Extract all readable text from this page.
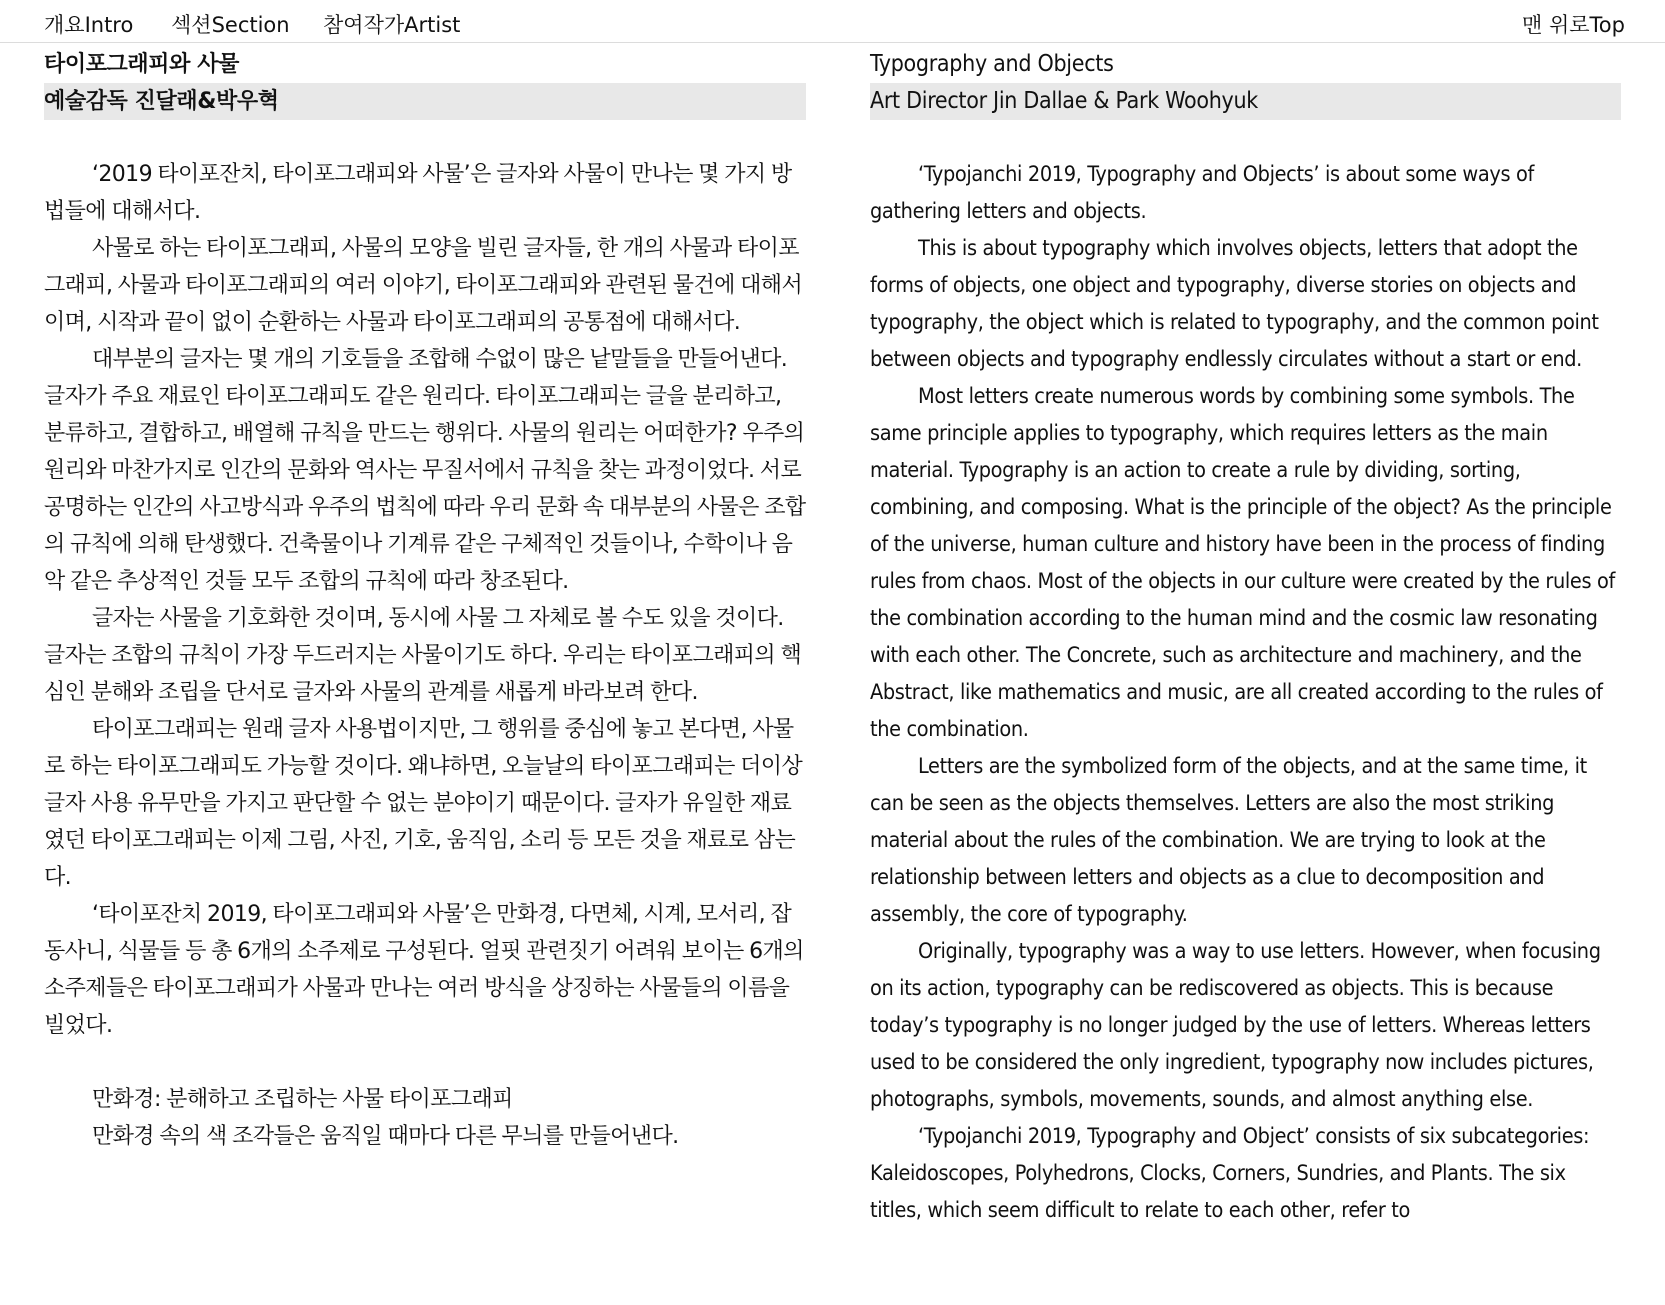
개요Intro 섹션Section 참여작가Artist	맨 위로Top
타이포그래피와 사물
예술감독 진달래&박우혁

‘2019 타이포잔치, 타이포그래피와 사물’은 글자와 사물이 만나는 몇 가지 방법들에 대해서다.

사물로 하는 타이포그래피, 사물의 모양을 빌린 글자들, 한 개의 사물과 타이포그래피, 사물과 타이포그래피의 여러 이야기, 타이포그래피와 관련된 물건에 대해서이며, 시작과 끝이 없이 순환하는 사물과 타이포그래피의 공통점에 대해서다.

대부분의 글자는 몇 개의 기호들을 조합해 수없이 많은 낱말들을 만들어낸다. 글자가 주요 재료인 타이포그래피도 같은 원리다. 타이포그래피는 글을 분리하고, 분류하고, 결합하고, 배열해 규칙을 만드는 행위다. 사물의 원리는 어떠한가? 우주의 원리와 마찬가지로 인간의 문화와 역사는 무질서에서 규칙을 찾는 과정이었다. 서로 공명하는 인간의 사고방식과 우주의 법칙에 따라 우리 문화 속 대부분의 사물은 조합의 규칙에 의해 탄생했다. 건축물이나 기계류 같은 구체적인 것들이나, 수학이나 음악 같은 추상적인 것들 모두 조합의 규칙에 따라 창조된다.

글자는 사물을 기호화한 것이며, 동시에 사물 그 자체로 볼 수도 있을 것이다. 글자는 조합의 규칙이 가장 두드러지는 사물이기도 하다. 우리는 타이포그래피의 핵심인 분해와 조립을 단서로 글자와 사물의 관계를 새롭게 바라보려 한다.

타이포그래피는 원래 글자 사용법이지만, 그 행위를 중심에 놓고 본다면, 사물로 하는 타이포그래피도 가능할 것이다. 왜냐하면, 오늘날의 타이포그래피는 더이상 글자 사용 유무만을 가지고 판단할 수 없는 분야이기 때문이다. 글자가 유일한 재료였던 타이포그래피는 이제 그림, 사진, 기호, 움직임, 소리 등 모든 것을 재료로 삼는다.

‘타이포잔치 2019, 타이포그래피와 사물’은 만화경, 다면체, 시계, 모서리, 잡동사니, 식물들 등 총 6개의 소주제로 구성된다. 얼핏 관련짓기 어려워 보이는 6개의 소주제들은 타이포그래피가 사물과 만나는 여러 방식을 상징하는 사물들의 이름을 빌었다.

만화경: 분해하고 조립하는 사물 타이포그래피

만화경 속의 색 조각들은 움직일 때마다 다른 무늬를 만들어낸다.

Typography and Objects
Art Director Jin Dallae & Park Woohyuk

‘Typojanchi 2019, Typography and Objects’ is about some ways of gathering letters and objects.

This is about typography which involves objects, letters that adopt the forms of objects, one object and typography, diverse stories on objects and typography, the object which is related to typography, and the common point between objects and typography endlessly circulates without a start or end.

Most letters create numerous words by combining some symbols. The same principle applies to typography, which requires letters as the main material. Typography is an action to create a rule by dividing, sorting, combining, and composing. What is the principle of the object? As the principle of the universe, human culture and history have been in the process of finding rules from chaos. Most of the objects in our culture were created by the rules of the combination according to the human mind and the cosmic law resonating with each other. The Concrete, such as architecture and machinery, and the Abstract, like mathematics and music, are all created according to the rules of the combination.

Letters are the symbolized form of the objects, and at the same time, it can be seen as the objects themselves. Letters are also the most striking material about the rules of the combination. We are trying to look at the relationship between letters and objects as a clue to decomposition and assembly, the core of typography.

Originally, typography was a way to use letters. However, when focusing on its action, typography can be rediscovered as objects. This is because today’s typography is no longer judged by the use of letters. Whereas letters used to be considered the only ingredient, typography now includes pictures, photographs, symbols, movements, sounds, and almost anything else.

‘Typojanchi 2019, Typography and Object’ consists of six subcategories: Kaleidoscopes, Polyhedrons, Clocks, Corners, Sundries, and Plants. The six titles, which seem difficult to relate to each other, refer to
